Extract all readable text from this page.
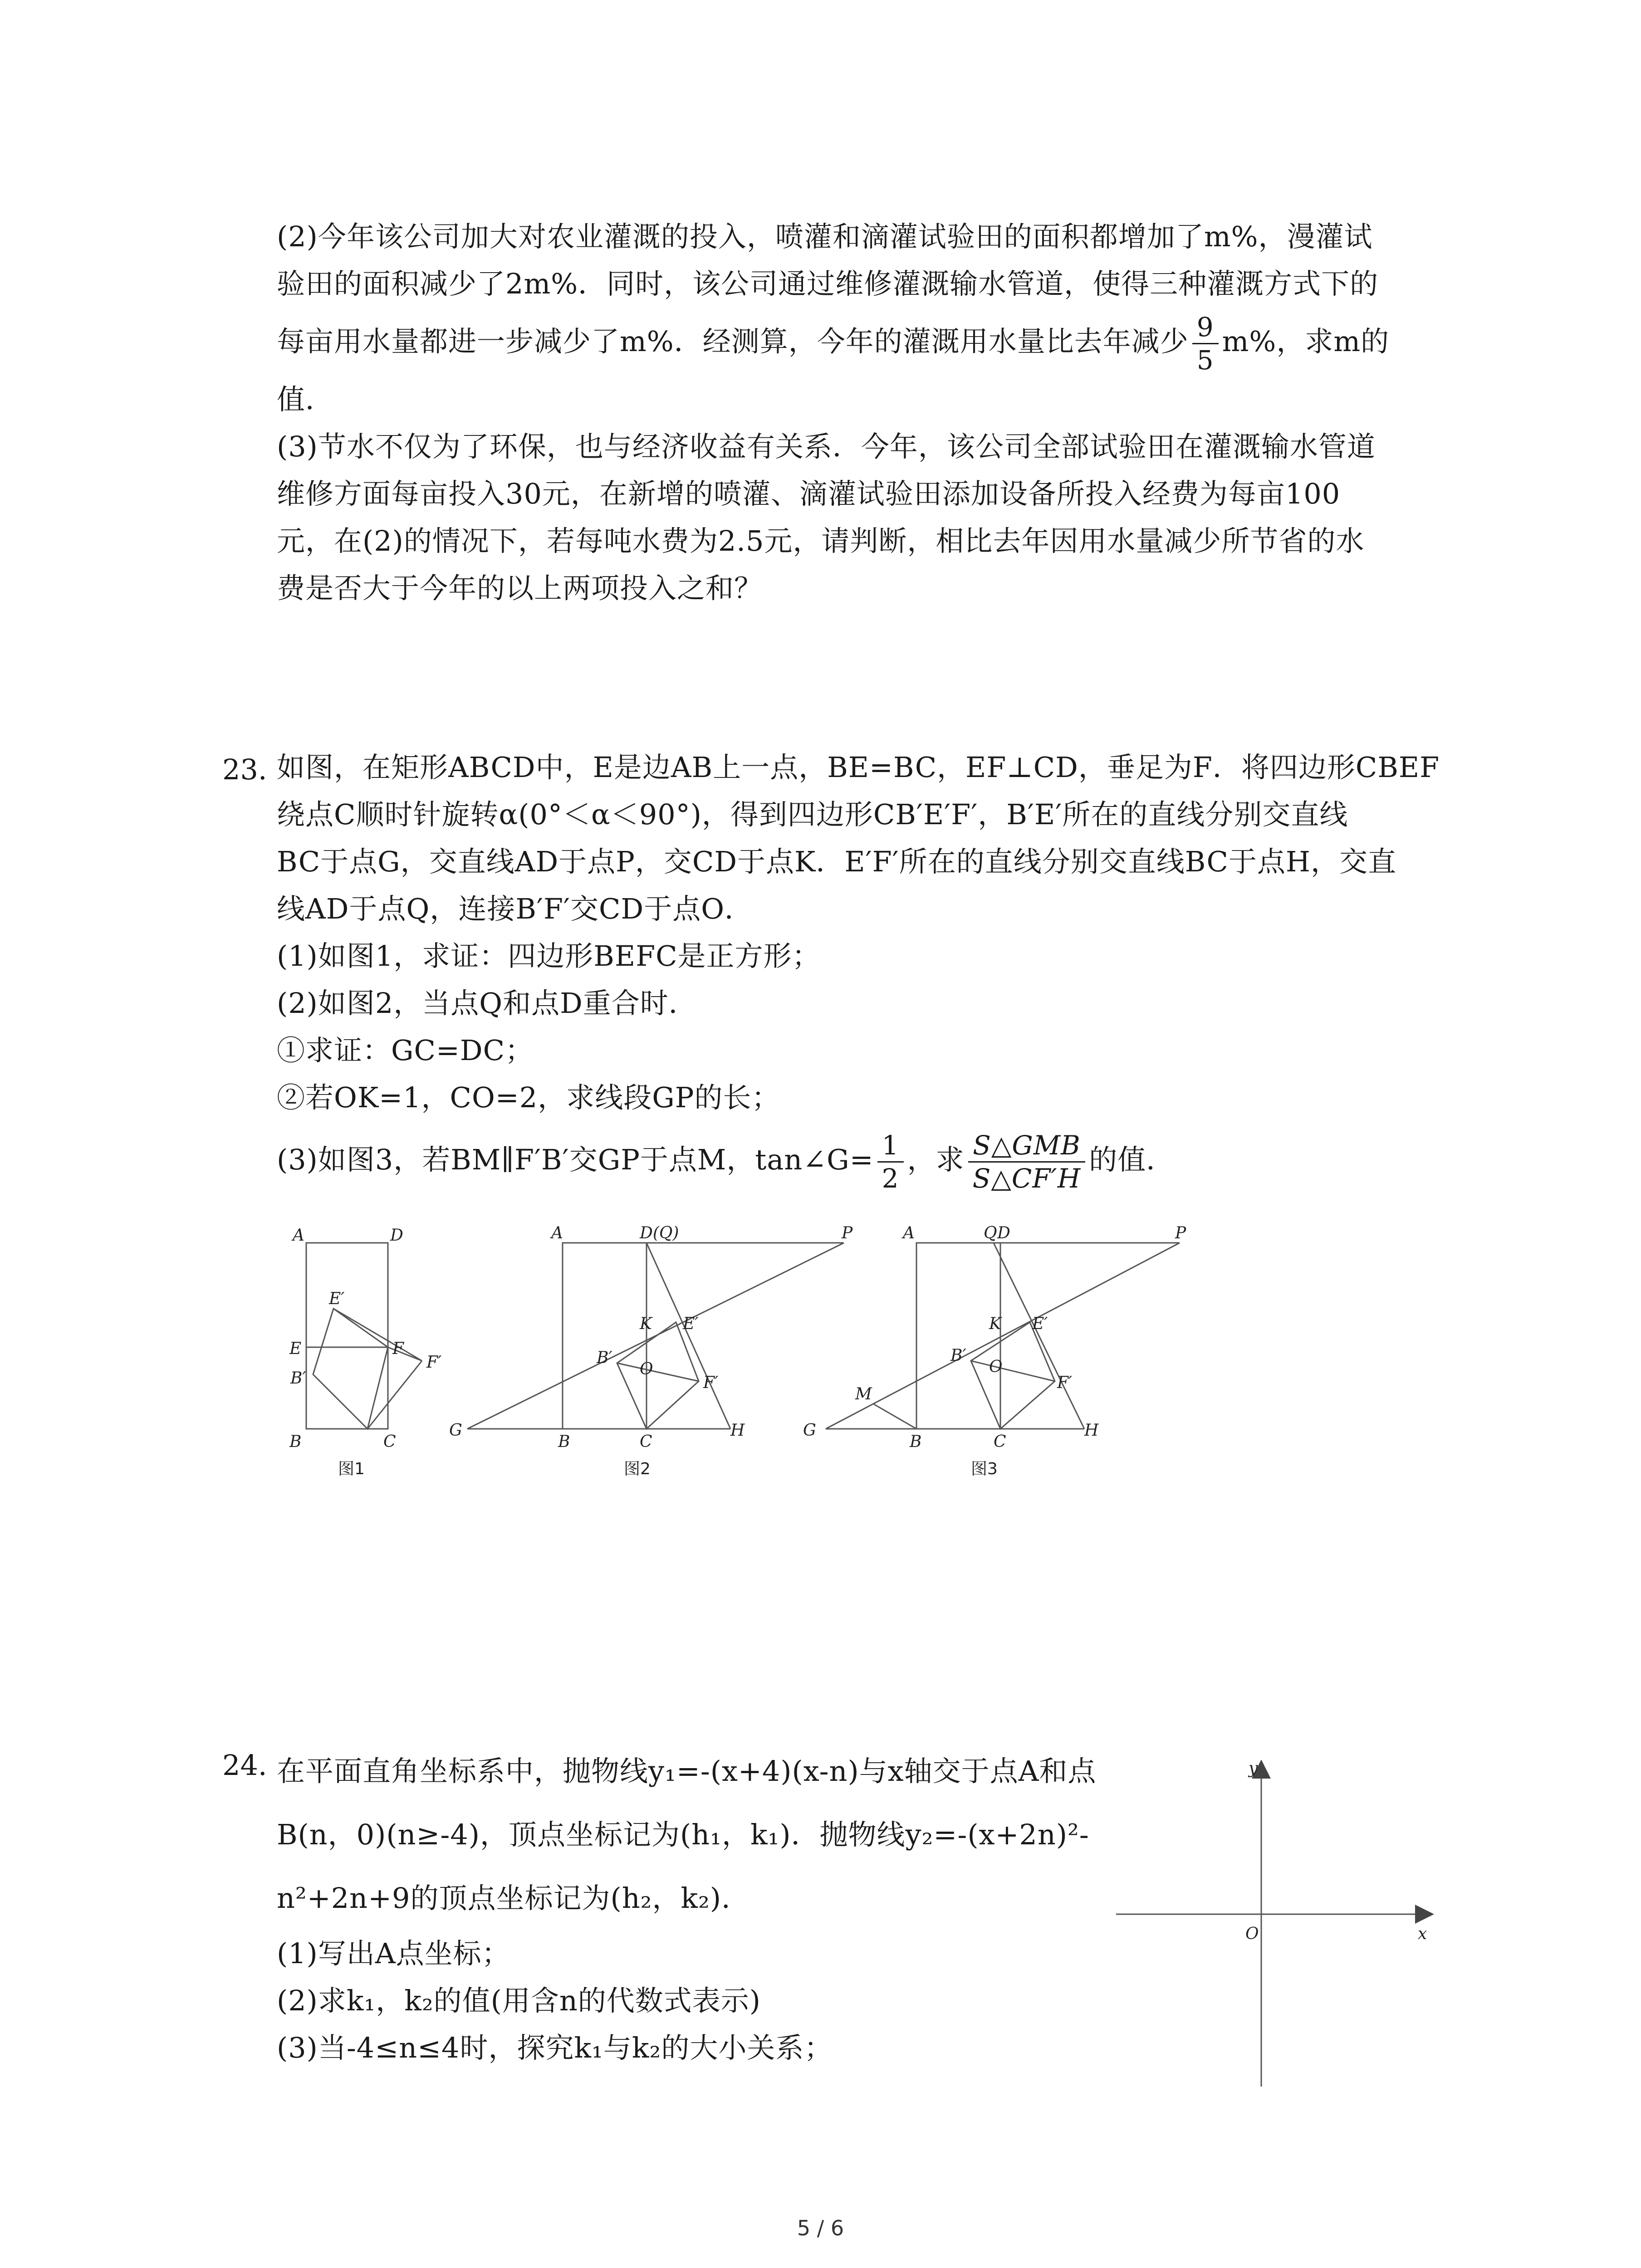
(2)今年该公司加大对农业灌溉的投入，喷灌和滴灌试验田的面积都增加了m%，漫灌试

验田的面积减少了2m%．同时，该公司通过维修灌溉输水管道，使得三种灌溉方式下的

每亩用水量都进一步减少了m%．经测算，今年的灌溉用水量比去年减少 $\frac{9}{5} m\%$，求m的

值．

(3)节水不仅为了环保，也与经济收益有关系．今年，该公司全部试验田在灌溉输水管道

维修方面每亩投入30元，在新增的喷灌、滴灌试验田添加设备所投入经费为每亩100

元，在(2)的情况下，若每吨水费为2.5元，请判断，相比去年因用水量减少所节省的水

费是否大于今年的以上两项投入之和？

23. 如图，在矩形ABCD中，E是边AB上一点，BE=BC，EF⊥CD，垂足为F．将四边形CBEF

绕点C顺时针旋转α(0°＜α＜90°)，得到四边形CB′E′F′，B′E′所在的直线分别交直线

BC于点G，交直线AD于点P，交CD于点K．E′F′所在的直线分别交直线BC于点H，交直

线AD于点Q，连接B′F′交CD于点O．

(1)如图1，求证：四边形BEFC是正方形；

(2)如图2，当点Q和点D重合时．

①求证：GC=DC；

②若OK=1，CO=2，求线段GP的长；

(3)如图3，若BM∥F′B′交GP于点M，tan∠G= $\frac{1}{2}$ ，求 $\frac{\text{S△GMB}}{S\triangle CF'H}$ 的值．

A	D
E′
E	F
F′
B′
B	C
图1
A	D(Q)	P
K E′
B′
O
F′
G
B	C
H
图2
A	Q D	P
K E′
B′
O
F′
M
G
B	C
H
图3
24. 在平面直角坐标系中，抛物线y₁=-(x+4)(x-n)与x轴交于点A和点

B(n，0)(n≥-4)，顶点坐标记为(h₁，k₁)．抛物线y₂=-(x+2n)²-

n²+2n+9的顶点坐标记为(h₂，k₂)．

(1)写出A点坐标；

(2)求k₁，k₂的值(用含n的代数式表示)

(3)当-4≤n≤4时，探究k₁与k₂的大小关系；

y
x
O
5 / 6
